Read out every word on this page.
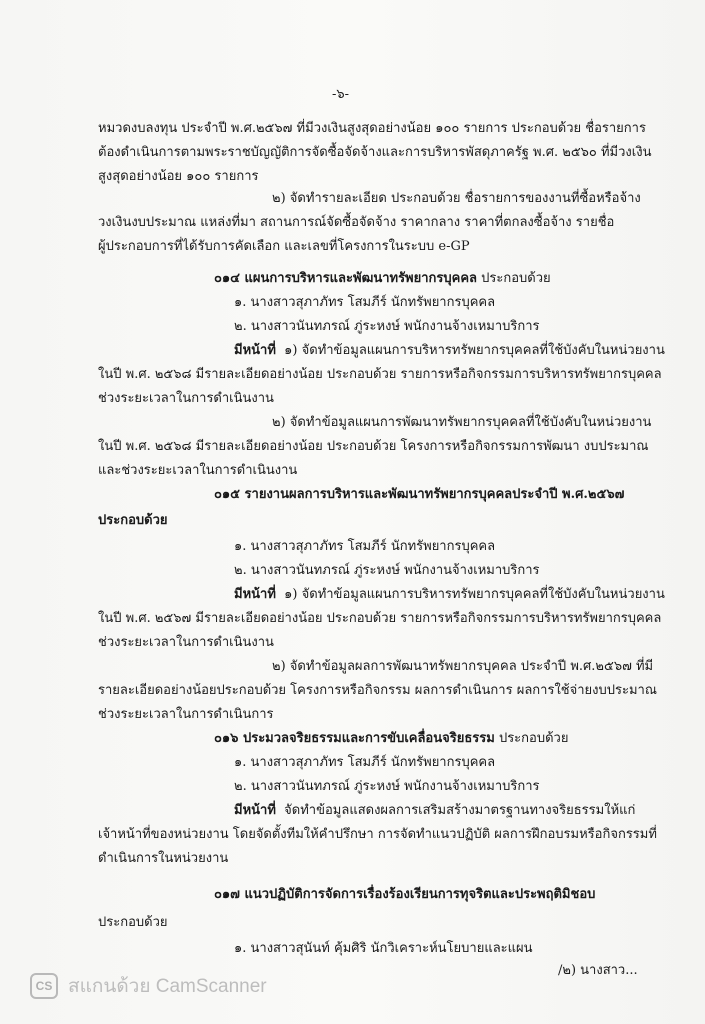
-๖-
หมวดงบลงทุน ประจำปี พ.ศ.๒๕๖๗ ที่มีวงเงินสูงสุดอย่างน้อย ๑๐๐ รายการ ประกอบด้วย ชื่อรายการ
ต้องดำเนินการตามพระราชบัญญัติการจัดซื้อจัดจ้างและการบริหารพัสดุภาครัฐ พ.ศ. ๒๕๖๐ ที่มีวงเงิน
สูงสุดอย่างน้อย ๑๐๐ รายการ
๒) จัดทำรายละเอียด ประกอบด้วย ชื่อรายการของงานที่ซื้อหรือจ้าง
วงเงินงบประมาณ แหล่งที่มา สถานการณ์จัดซื้อจัดจ้าง ราคากลาง ราคาที่ตกลงซื้อจ้าง รายชื่อ
ผู้ประกอบการที่ได้รับการคัดเลือก และเลขที่โครงการในระบบ e-GP
๐๑๔ แผนการบริหารและพัฒนาทรัพยากรบุคคล ประกอบด้วย
๑. นางสาวสุภาภัทร โสมภีร์ นักทรัพยากรบุคคล
๒. นางสาวนันทภรณ์ ภู่ระหงษ์ พนักงานจ้างเหมาบริการ
มีหน้าที่ ๑) จัดทำข้อมูลแผนการบริหารทรัพยากรบุคคลที่ใช้บังคับในหน่วยงาน
ในปี พ.ศ. ๒๕๖๘ มีรายละเอียดอย่างน้อย ประกอบด้วย รายการหรือกิจกรรมการบริหารทรัพยากรบุคคล
ช่วงระยะเวลาในการดำเนินงาน
๒) จัดทำข้อมูลแผนการพัฒนาทรัพยากรบุคคลที่ใช้บังคับในหน่วยงาน
ในปี พ.ศ. ๒๕๖๘ มีรายละเอียดอย่างน้อย ประกอบด้วย โครงการหรือกิจกรรมการพัฒนา งบประมาณ
และช่วงระยะเวลาในการดำเนินงาน
๐๑๕ รายงานผลการบริหารและพัฒนาทรัพยากรบุคคลประจำปี พ.ศ.๒๕๖๗
ประกอบด้วย
๑. นางสาวสุภาภัทร โสมภีร์ นักทรัพยากรบุคคล
๒. นางสาวนันทภรณ์ ภู่ระหงษ์ พนักงานจ้างเหมาบริการ
มีหน้าที่ ๑) จัดทำข้อมูลแผนการบริหารทรัพยากรบุคคลที่ใช้บังคับในหน่วยงาน
ในปี พ.ศ. ๒๕๖๗ มีรายละเอียดอย่างน้อย ประกอบด้วย รายการหรือกิจกรรมการบริหารทรัพยากรบุคคล
ช่วงระยะเวลาในการดำเนินงาน
๒) จัดทำข้อมูลผลการพัฒนาทรัพยากรบุคคล ประจำปี พ.ศ.๒๕๖๗ ที่มี
รายละเอียดอย่างน้อยประกอบด้วย โครงการหรือกิจกรรม ผลการดำเนินการ ผลการใช้จ่ายงบประมาณ
ช่วงระยะเวลาในการดำเนินการ
๐๑๖ ประมวลจริยธรรมและการขับเคลื่อนจริยธรรม ประกอบด้วย
๑. นางสาวสุภาภัทร โสมภีร์ นักทรัพยากรบุคคล
๒. นางสาวนันทภรณ์ ภู่ระหงษ์ พนักงานจ้างเหมาบริการ
มีหน้าที่ จัดทำข้อมูลแสดงผลการเสริมสร้างมาตรฐานทางจริยธรรมให้แก่
เจ้าหน้าที่ของหน่วยงาน โดยจัดตั้งทีมให้คำปรึกษา การจัดทำแนวปฏิบัติ ผลการฝึกอบรมหรือกิจกรรมที่
ดำเนินการในหน่วยงาน
๐๑๗ แนวปฏิบัติการจัดการเรื่องร้องเรียนการทุจริตและประพฤติมิชอบ
ประกอบด้วย
๑. นางสาวสุนันท์ คุ้มศิริ นักวิเคราะห์นโยบายและแผน
/๒) นางสาว...
CS สแกนด้วย CamScanner
